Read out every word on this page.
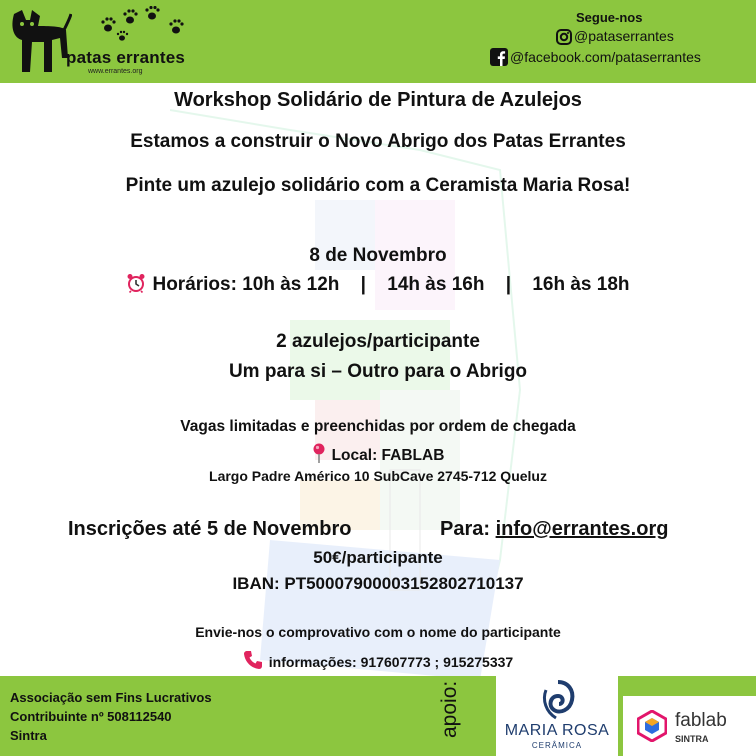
patas errantes
www.errantes.org
Segue-nos
@pataserrantes
@facebook.com/pataserrantes
Workshop Solidário de Pintura de Azulejos
Estamos a construir o Novo Abrigo dos Patas Errantes
Pinte um azulejo solidário com a Ceramista Maria Rosa!
8 de Novembro
Horários: 10h às 12h | 14h às 16h | 16h às 18h
2 azulejos/participante
Um para si – Outro para o Abrigo
Vagas limitadas e preenchidas por ordem de chegada
Local: FABLAB
Largo Padre Américo 10 SubCave 2745-712 Queluz
Inscrições até 5 de Novembro	Para: info@errantes.org
50€/participante
IBAN: PT50007900003152802710137
Envie-nos o comprovativo com o nome do participante
informações: 917607773 ; 915275337
Associação sem Fins Lucrativos
Contribuinte nº 508112540
Sintra	apoio:	MARIA ROSA
CERÂMICA
fablab
SINTRA
